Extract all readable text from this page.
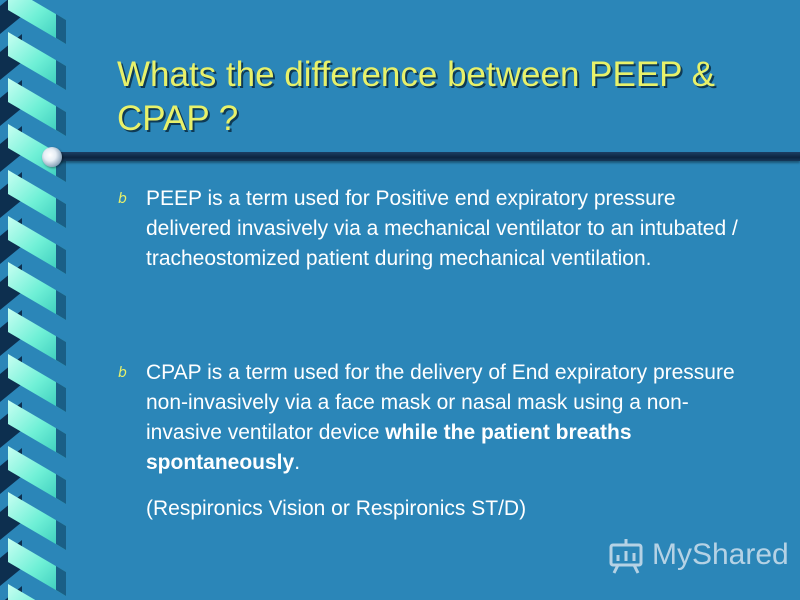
Whats the difference between PEEP & CPAP ?
b PEEP is a term used for Positive end expiratory pressure delivered invasively via a mechanical ventilator to an intubated / tracheostomized patient during mechanical ventilation.
b CPAP is a term used for the delivery of End expiratory pressure non-invasively via a face mask or nasal mask using a non-invasive ventilator device while the patient breaths spontaneously.
(Respironics Vision or Respironics ST/D)
MyShared
